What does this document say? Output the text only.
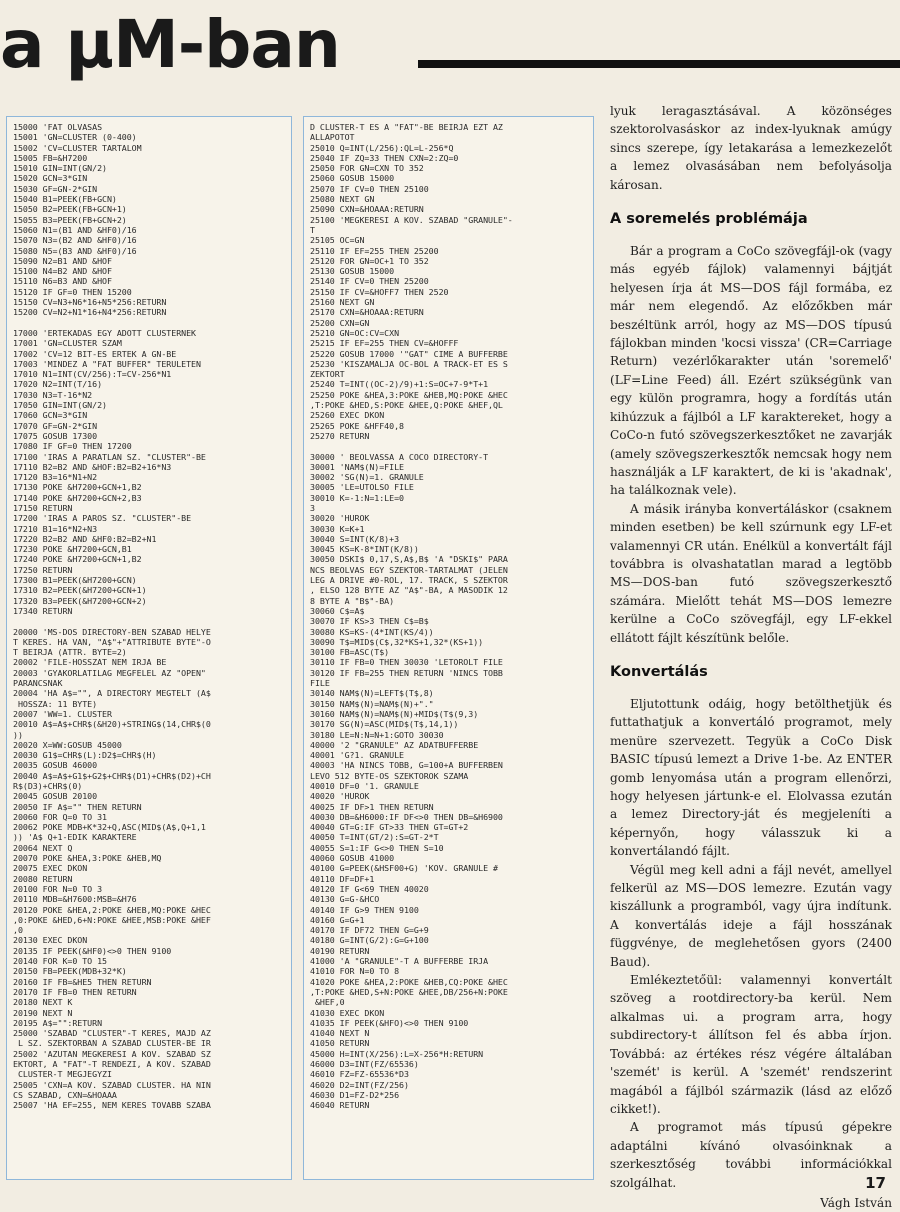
a μM-ban
15000 'FAT OLVASAS
15001 'GN=CLUSTER (0-400)
15002 'CV=CLUSTER TARTALOM
15005 FB=&H7200
15010 GIN=INT(GN/2)
15020 GCN=3*GIN
15030 GF=GN-2*GIN
15040 B1=PEEK(FB+GCN)
15050 B2=PEEK(FB+GCN+1)
15055 B3=PEEK(FB+GCN+2)
15060 N1=(B1 AND &HF0)/16
15070 N3=(B2 AND &HF0)/16
15080 N5=(B3 AND &HF0)/16
15090 N2=B1 AND &HOF
15100 N4=B2 AND &HOF
15110 N6=B3 AND &HOF
15120 IF GF=0 THEN 15200
15150 CV=N3+N6*16+N5*256:RETURN
15200 CV=N2+N1*16+N4*256:RETURN

17000 'ERTEKADAS EGY ADOTT CLUSTERNEK
17001 'GN=CLUSTER SZAM
17002 'CV=12 BIT-ES ERTEK A GN-BE
17003 'MINDEZ A "FAT BUFFER" TERULETEN
17010 N1=INT(CV/256):T=CV-256*N1
17020 N2=INT(T/16)
17030 N3=T-16*N2
17050 GIN=INT(GN/2)
17060 GCN=3*GIN
17070 GF=GN-2*GIN
17075 GOSUB 17300
17080 IF GF=0 THEN 17200
17100 'IRAS A PARATLAN SZ. "CLUSTER"-BE
17110 B2=B2 AND &HOF:B2=B2+16*N3
17120 B3=16*N1+N2
17130 POKE &H7200+GCN+1,B2
17140 POKE &H7200+GCN+2,B3
17150 RETURN
17200 'IRAS A PAROS SZ. "CLUSTER"-BE
17210 B1=16*N2+N3
17220 B2=B2 AND &HF0:B2=B2+N1
17230 POKE &H7200+GCN,B1
17240 POKE &H7200+GCN+1,B2
17250 RETURN
17300 B1=PEEK(&H7200+GCN)
17310 B2=PEEK(&H7200+GCN+1)
17320 B3=PEEK(&H7200+GCN+2)
17340 RETURN

20000 'MS-DOS DIRECTORY-BEN SZABAD HELYE
T KERES. HA VAN, "A$"+"ATTRIBUTE BYTE"-O
T BEIRJA (ATTR. BYTE=2)
20002 'FILE-HOSSZAT NEM IRJA BE
20003 'GYAKORLATILAG MEGFELEL AZ "OPEN"
PARANCSNAK
20004 'HA A$="", A DIRECTORY MEGTELT (A$
HOSSZA: 11 BYTE)
20007 'WW=1. CLUSTER
20010 A$=A$+CHR$(&H20)+STRING$(14,CHR$(0
))
20020 X=WW:GOSUB 45000
20030 G1$=CHR$(L):D2$=CHR$(H)
20035 GOSUB 46000
20040 A$=A$+G1$+G2$+CHR$(D1)+CHR$(D2)+CH
R$(D3)+CHR$(0)
20045 GOSUB 20100
20050 IF A$="" THEN RETURN
20060 FOR Q=0 TO 31
20062 POKE MDB+K*32+Q,ASC(MID$(A$,Q+1,1
)) 'A$ Q+1-EDIK KARAKTERE
20064 NEXT Q
20070 POKE &HEA,3:POKE &HEB,MQ
20075 EXEC DKON
20080 RETURN
20100 FOR N=0 TO 3
20110 MDB=&H7600:MSB=&H76
20120 POKE &HEA,2:POKE &HEB,MQ:POKE &HEC
,0:POKE &HED,6+N:POKE &HEE,MSB:POKE &HEF
,0
20130 EXEC DKON
20135 IF PEEK(&HF0)<>0 THEN 9100
20140 FOR K=0 TO 15
20150 FB=PEEK(MDB+32*K)
20160 IF FB=&HE5 THEN RETURN
20170 IF FB=0 THEN RETURN
20180 NEXT K
20190 NEXT N
20195 A$="":RETURN
25000 'SZABAD "CLUSTER"-T KERES, MAJD AZ
L SZ. SZEKTORBAN A SZABAD CLUSTER-BE IR
25002 'AZUTAN MEGKERESI A KOV. SZABAD SZ
EKTORT, A "FAT"-T RENDEZI, A KOV. SZABAD
CLUSTER-T MEGJEGYZI
25005 'CXN=A KOV. SZABAD CLUSTER. HA NIN
CS SZABAD, CXN=&HOAAA
25007 'HA EF=255, NEM KERES TOVABB SZABA
D CLUSTER-T ES A "FAT"-BE BEIRJA EZT AZ
ALLAPOTOT
25010 Q=INT(L/256):QL=L-256*Q
25040 IF ZQ=33 THEN CXN=2:ZQ=0
25050 FOR GN=CXN TO 352
25060 GOSUB 15000
25070 IF CV=0 THEN 25100
25080 NEXT GN
25090 CXN=&HOAAA:RETURN
25100 'MEGKERESI A KOV. SZABAD "GRANULE"-
T
25105 OC=GN
25110 IF EF=255 THEN 25200
25120 FOR GN=OC+1 TO 352
25130 GOSUB 15000
25140 IF CV=0 THEN 25200
25150 IF CV=&HOFF7 THEN 2520
25160 NEXT GN
25170 CXN=&HOAAA:RETURN
25200 CXN=GN
25210 GN=OC:CV=CXN
25215 IF EF=255 THEN CV=&HOFFF
25220 GOSUB 17000 '"GAT" CIME A BUFFERBE
25230 'KISZAMALJA OC-BOL A TRACK-ET ES S
ZEKTORT
25240 T=INT((OC-2)/9)+1:S=OC+7-9*T+1
25250 POKE &HEA,3:POKE &HEB,MQ:POKE &HEC
,T:POKE &HED,S:POKE &HEE,Q:POKE &HEF,QL
25260 EXEC DKON
25265 POKE &HFF40,8
25270 RETURN

30000 ' BEOLVASSA A COCO DIRECTORY-T
30001 'NAM$(N)=FILE
30002 'SG(N)=1. GRANULE
30005 'LE=UTOLSO FILE
30010 K=-1:N=1:LE=0
3
30020 'HUROK
30030 K=K+1
30040 S=INT(K/8)+3
30045 KS=K-8*INT(K/8))
30050 DSKI$ 0,17,S,A$,B$ 'A "DSKI$" PARA
NCS BEOLVAS EGY SZEKTOR-TARTALMAT (JELEN
LEG A DRIVE #0-ROL, 17. TRACK, S SZEKTOR
, ELSO 128 BYTE AZ "A$"-BA, A MASODIK 12
8 BYTE A "B$"-BA)
30060 C$=A$
30070 IF KS>3 THEN C$=B$
30080 KS=KS-(4*INT(KS/4))
30090 T$=MID$(C$,32*KS+1,32*(KS+1))
30100 FB=ASC(T$)
30110 IF FB=0 THEN 30030 'LETOROLT FILE
30120 IF FB=255 THEN RETURN 'NINCS TOBB
FILE
30140 NAM$(N)=LEFT$(T$,8)
30150 NAM$(N)=NAM$(N)+"."
30160 NAM$(N)=NAM$(N)+MID$(T$(9,3)
30170 SG(N)=ASC(MID$(T$,14,1))
30180 LE=N:N=N+1:GOTO 30030
40000 '2 "GRANULE" AZ ADATBUFFERBE
40001 'G?1. GRANULE
40003 'HA NINCS TOBB, G=100+A BUFFERBEN
LEVO 512 BYTE-OS SZEKTOROK SZAMA
40010 DF=0 '1. GRANULE
40020 'HUROK
40025 IF DF>1 THEN RETURN
40030 DB=&H6000:IF DF<>0 THEN DB=&H6900
40040 GT=G:IF GT>33 THEN GT=GT+2
40050 T=INT(GT/2):S=GT-2*T
40055 S=1:IF G<>0 THEN S=10
40060 GOSUB 41000
40100 G=PEEK(&HSF00+G) 'KOV. GRANULE #
40110 DF=DF+1
40120 IF G<69 THEN 40020
40130 G=G-&HCO
40140 IF G>9 THEN 9100
40160 G=G+1
40170 IF DF72 THEN G=G+9
40180 G=INT(G/2):G=G+100
40190 RETURN
41000 'A "GRANULE"-T A BUFFERBE IRJA
41010 FOR N=0 TO 8
41020 POKE &HEA,2:POKE &HEB,CQ:POKE &HEC
,T:POKE &HED,S+N:POKE &HEE,DB/256+N:POKE
&HEF,0
41030 EXEC DKON
41035 IF PEEK(&HFO)<>0 THEN 9100
41040 NEXT N
41050 RETURN
45000 H=INT(X/256):L=X-256*H:RETURN
46000 D3=INT(FZ/65536)
46010 FZ=FZ-65536*D3
46020 D2=INT(FZ/256)
46030 D1=FZ-D2*256
46040 RETURN

lyuk leragasztásával. A közönséges szektorolvasáskor az index-lyuknak amúgy sincs szerepe, így letakarása a lemezkezelőt a lemez olvasásában nem befolyásolja károsan.

A soremelés problémája

Bár a program a CoCo szövegfájl-ok (vagy más egyéb fájlok) valamennyi bájtját helyesen írja át MS—DOS fájl formába, ez már nem elegendő. Az előzőkben már beszéltünk arról, hogy az MS—DOS típusú fájlokban minden 'kocsi vissza' (CR=Carriage Return) vezérlőkarakter után 'soremelő' (LF=Line Feed) áll. Ezért szükségünk van egy külön programra, hogy a fordítás után kihúzzuk a fájlból a LF karaktereket, hogy a CoCo-n futó szövegszerkesztőket ne zavarják (amely szövegszerkesztők nemcsak hogy nem használják a LF karaktert, de ki is 'akadnak', ha találkoznak vele).

A másik irányba konvertáláskor (csaknem minden esetben) be kell szúrnunk egy LF-et valamennyi CR után. Enélkül a konvertált fájl továbbra is olvashatatlan marad a legtöbb MS—DOS-ban futó szövegszerkesztő számára. Mielőtt tehát MS—DOS lemezre kerülne a CoCo szövegfájl, egy LF-ekkel ellátott fájlt készítünk belőle.

Konvertálás

Eljutottunk odáig, hogy betölthetjük és futtathatjuk a konvertáló programot, mely menüre szervezett. Tegyük a CoCo Disk BASIC típusú lemezt a Drive 1-be. Az ENTER gomb lenyomása után a program ellenőrzi, hogy helyesen jártunk-e el. Elolvassa ezután a lemez Directory-ját és megjeleníti a képernyőn, hogy válasszuk ki a konvertálandó fájlt.

Végül meg kell adni a fájl nevét, amellyel felkerül az MS—DOS lemezre. Ezután vagy kiszállunk a programból, vagy újra indítunk. A konvertálás ideje a fájl hosszának függvénye, de meglehetősen gyors (2400 Baud).

Emlékeztetőül: valamennyi konvertált szöveg a rootdirectory-ba kerül. Nem alkalmas ui. a program arra, hogy subdirectory-t állítson fel és abba írjon. Továbbá: az értékes rész végére általában 'szemét' is kerül. A 'szemét' rendszerint magából a fájlból származik (lásd az előző cikket!).

A programot más típusú gépekre adaptálni kívánó olvasóinknak a szerkesztőség további információkkal szolgálhat.

Vágh István

17
